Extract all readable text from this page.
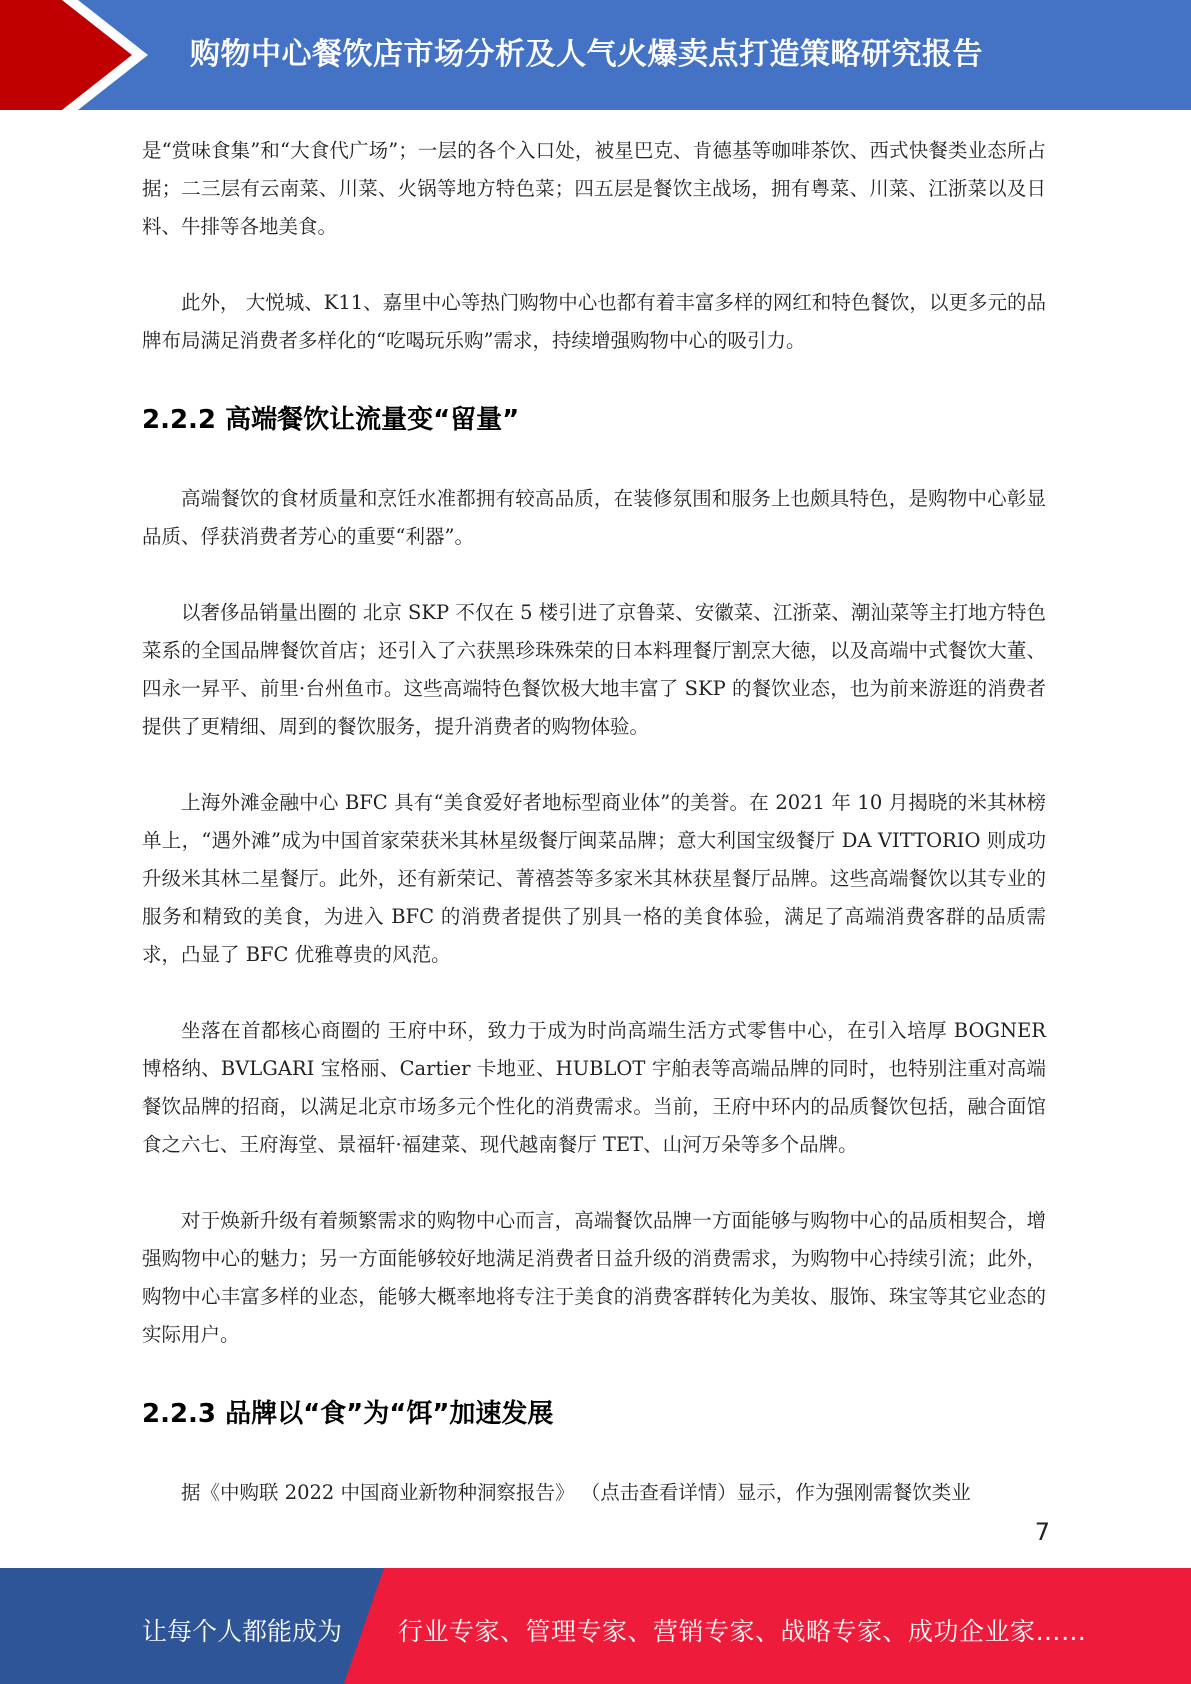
购物中心餐饮店市场分析及人气火爆卖点打造策略研究报告

是“赏味食集”和“大食代广场”；一层的各个入口处，被星巴克、肯德基等咖啡茶饮、西式快餐类业态所占据；二三层有云南菜、川菜、火锅等地方特色菜；四五层是餐饮主战场，拥有粤菜、川菜、江浙菜以及日料、牛排等各地美食。

此外， 大悦城、K11、嘉里中心等热门购物中心也都有着丰富多样的网红和特色餐饮，以更多元的品牌布局满足消费者多样化的“吃喝玩乐购”需求，持续增强购物中心的吸引力。

2.2.2 高端餐饮让流量变“留量”

高端餐饮的食材质量和烹饪水准都拥有较高品质，在装修氛围和服务上也颇具特色，是购物中心彰显品质、俘获消费者芳心的重要“利器”。

以奢侈品销量出圈的 北京 SKP 不仅在 5 楼引进了京鲁菜、安徽菜、江浙菜、潮汕菜等主打地方特色菜系的全国品牌餐饮首店；还引入了六获黑珍珠殊荣的日本料理餐厅割烹大徳，以及高端中式餐饮大董、四永一昇平、前里·台州鱼市。这些高端特色餐饮极大地丰富了 SKP 的餐饮业态，也为前来游逛的消费者提供了更精细、周到的餐饮服务，提升消费者的购物体验。

上海外滩金融中心 BFC 具有“美食爱好者地标型商业体”的美誉。在 2021 年 10 月揭晓的米其林榜单上，“遇外滩”成为中国首家荣获米其林星级餐厅闽菜品牌；意大利国宝级餐厅 DA VITTORIO 则成功升级米其林二星餐厅。此外，还有新荣记、菁禧荟等多家米其林获星餐厅品牌。这些高端餐饮以其专业的服务和精致的美食，为进入 BFC 的消费者提供了别具一格的美食体验，满足了高端消费客群的品质需求，凸显了 BFC 优雅尊贵的风范。

坐落在首都核心商圈的 王府中环，致力于成为时尚高端生活方式零售中心，在引入培厚 BOGNER 博格纳、BVLGARI 宝格丽、Cartier 卡地亚、HUBLOT 宇舶表等高端品牌的同时，也特别注重对高端餐饮品牌的招商，以满足北京市场多元个性化的消费需求。当前，王府中环内的品质餐饮包括，融合面馆食之六七、王府海堂、景福轩·福建菜、现代越南餐厅 TET、山河万朵等多个品牌。

对于焕新升级有着频繁需求的购物中心而言，高端餐饮品牌一方面能够与购物中心的品质相契合，增强购物中心的魅力；另一方面能够较好地满足消费者日益升级的消费需求，为购物中心持续引流；此外，购物中心丰富多样的业态，能够大概率地将专注于美食的消费客群转化为美妆、服饰、珠宝等其它业态的实际用户。

2.2.3 品牌以“食”为“饵”加速发展

据《中购联 2022 中国商业新物种洞察报告》 （点击查看详情）显示，作为强刚需餐饮类业

7
让每个人都能成为 行业专家、管理专家、营销专家、战略专家、成功企业家……
